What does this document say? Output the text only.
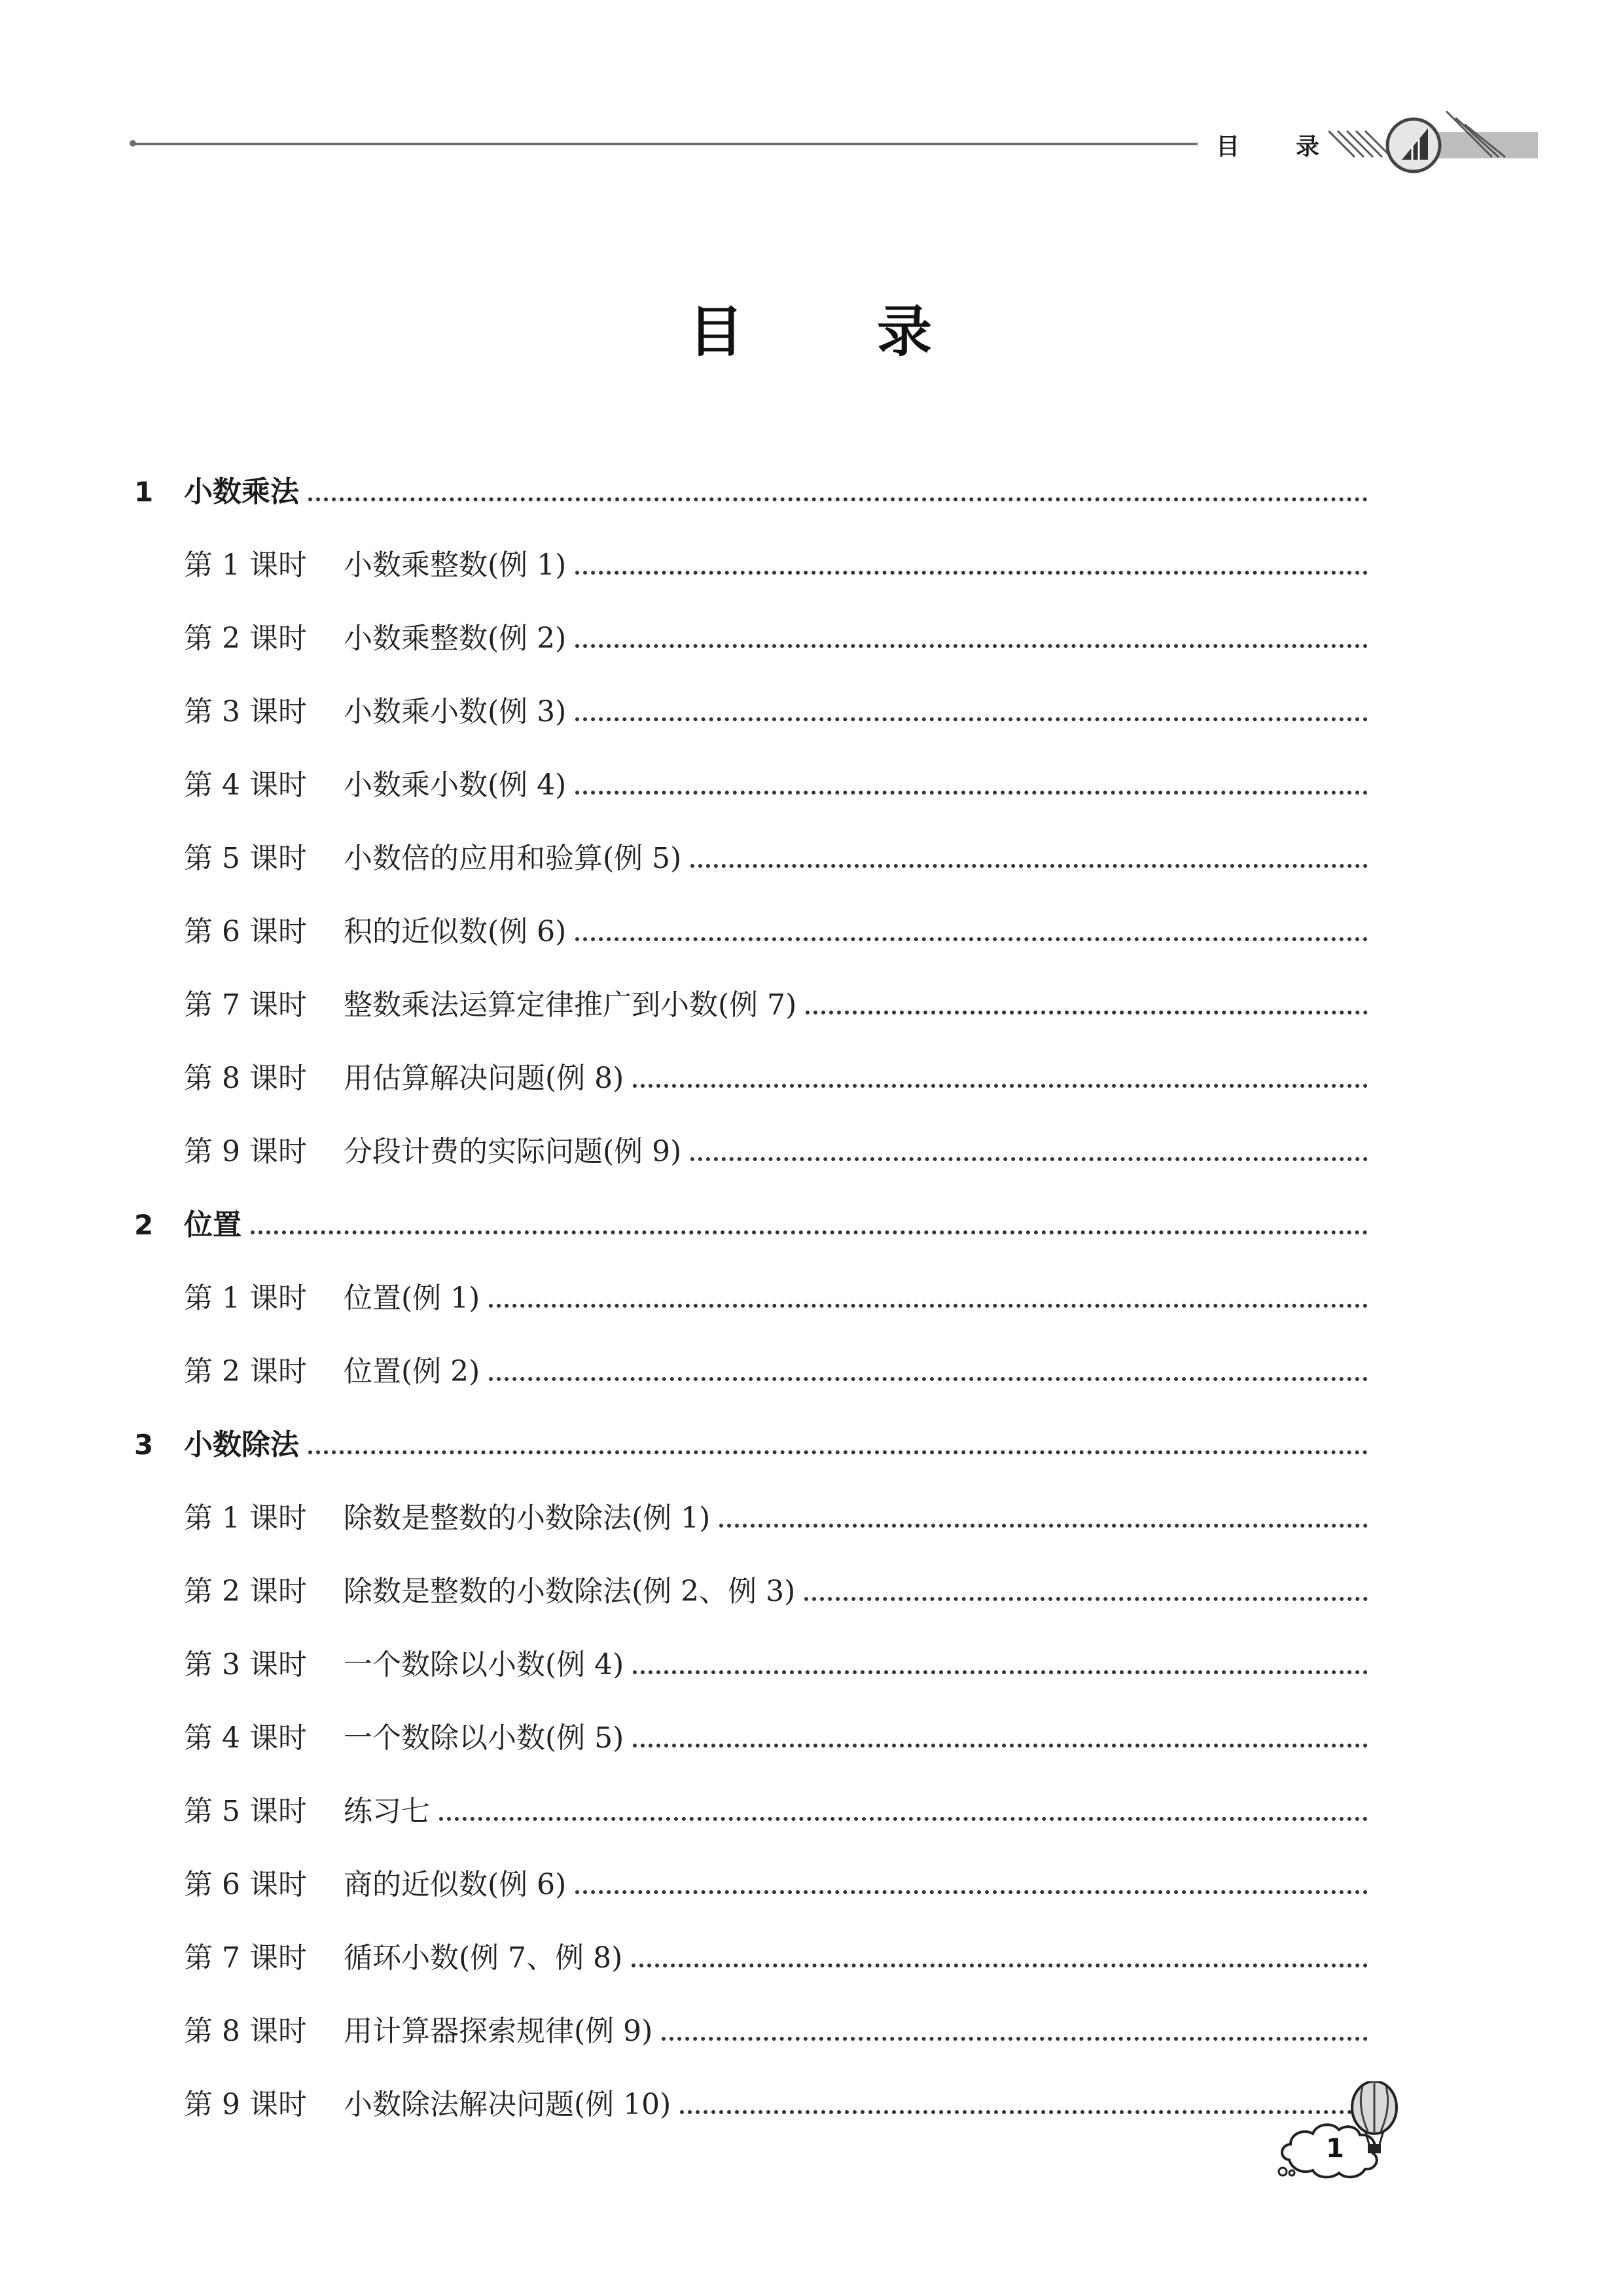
目 录
目 录
1	小数乘法
第 1 课时	小数乘整数(例 1)
第 2 课时	小数乘整数(例 2)
第 3 课时	小数乘小数(例 3)
第 4 课时	小数乘小数(例 4)
第 5 课时	小数倍的应用和验算(例 5)
第 6 课时	积的近似数(例 6)
第 7 课时	整数乘法运算定律推广到小数(例 7)
第 8 课时	用估算解决问题(例 8)
第 9 课时	分段计费的实际问题(例 9)
2	位置
第 1 课时	位置(例 1)
第 2 课时	位置(例 2)
3	小数除法
第 1 课时	除数是整数的小数除法(例 1)
第 2 课时	除数是整数的小数除法(例 2、例 3)
第 3 课时	一个数除以小数(例 4)
第 4 课时	一个数除以小数(例 5)
第 5 课时	练习七
第 6 课时	商的近似数(例 6)
第 7 课时	循环小数(例 7、例 8)
第 8 课时	用计算器探索规律(例 9)
第 9 课时	小数除法解决问题(例 10)
1
